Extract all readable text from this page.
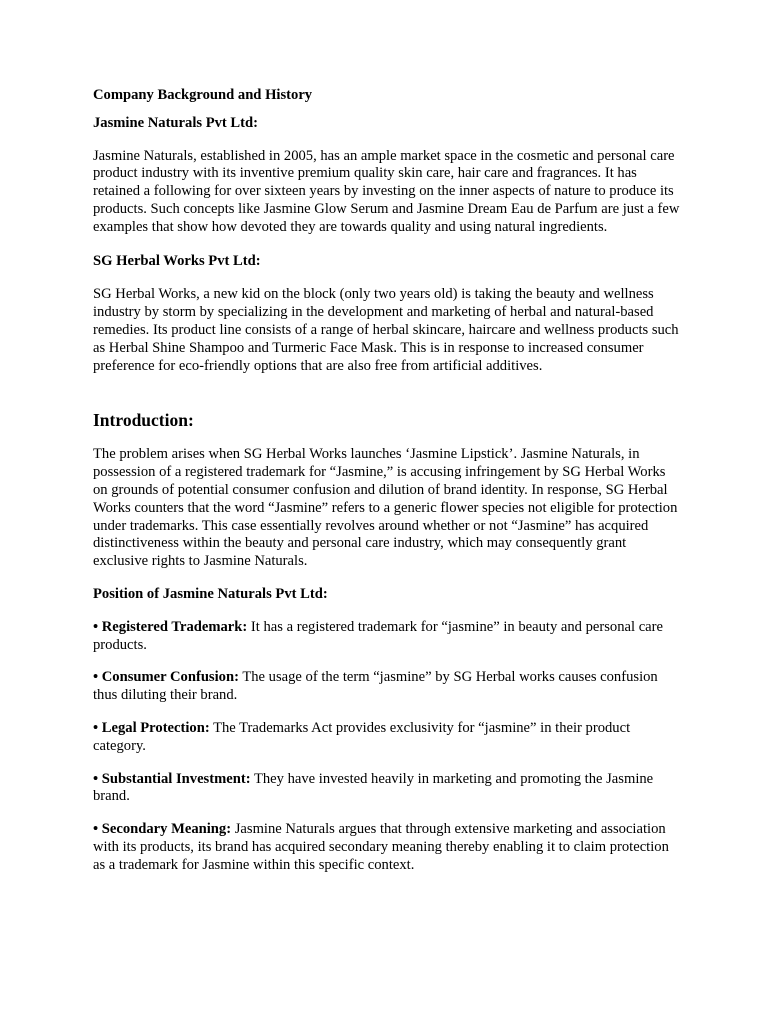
Company Background and History

Jasmine Naturals Pvt Ltd:

Jasmine Naturals, established in 2005, has an ample market space in the cosmetic and personal care product industry with its inventive premium quality skin care, hair care and fragrances. It has retained a following for over sixteen years by investing on the inner aspects of nature to produce its products. Such concepts like Jasmine Glow Serum and Jasmine Dream Eau de Parfum are just a few examples that show how devoted they are towards quality and using natural ingredients.

SG Herbal Works Pvt Ltd:

SG Herbal Works, a new kid on the block (only two years old) is taking the beauty and wellness industry by storm by specializing in the development and marketing of herbal and natural-based remedies. Its product line consists of a range of herbal skincare, haircare and wellness products such as Herbal Shine Shampoo and Turmeric Face Mask. This is in response to increased consumer preference for eco-friendly options that are also free from artificial additives.

Introduction:

The problem arises when SG Herbal Works launches ‘Jasmine Lipstick’. Jasmine Naturals, in possession of a registered trademark for “Jasmine,” is accusing infringement by SG Herbal Works on grounds of potential consumer confusion and dilution of brand identity. In response, SG Herbal Works counters that the word “Jasmine” refers to a generic flower species not eligible for protection under trademarks. This case essentially revolves around whether or not “Jasmine” has acquired distinctiveness within the beauty and personal care industry, which may consequently grant exclusive rights to Jasmine Naturals.

Position of Jasmine Naturals Pvt Ltd:

• Registered Trademark: It has a registered trademark for “jasmine” in beauty and personal care products.

• Consumer Confusion: The usage of the term “jasmine” by SG Herbal works causes confusion thus diluting their brand.

• Legal Protection: The Trademarks Act provides exclusivity for “jasmine” in their product category.

• Substantial Investment: They have invested heavily in marketing and promoting the Jasmine brand.

• Secondary Meaning: Jasmine Naturals argues that through extensive marketing and association with its products, its brand has acquired secondary meaning thereby enabling it to claim protection as a trademark for Jasmine within this specific context.
